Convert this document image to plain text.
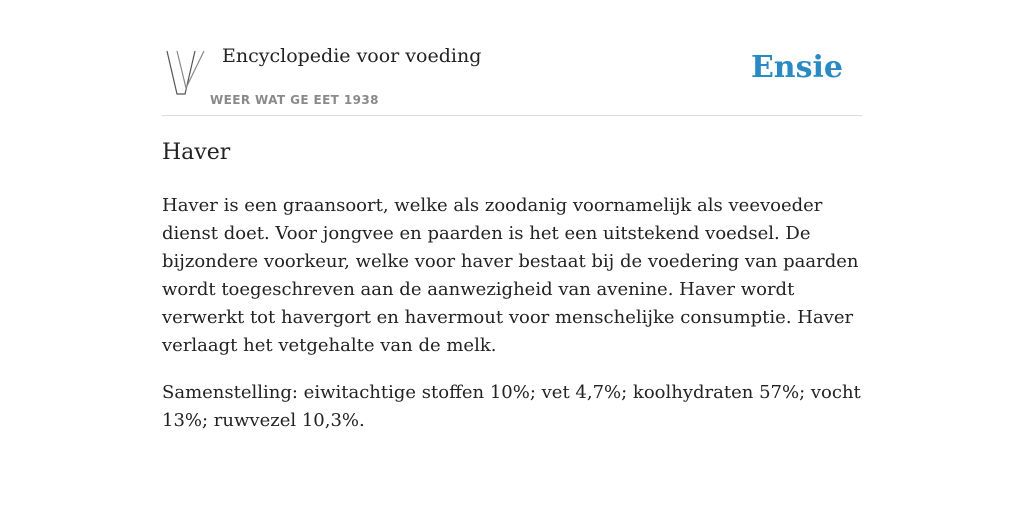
Encyclopedie voor voeding
WEER WAT GE EET 1938
Ensie
Haver

Haver is een graansoort, welke als zoodanig voornamelijk als veevoeder dienst doet. Voor jongvee en paarden is het een uitstekend voedsel. De bijzondere voorkeur, welke voor haver bestaat bij de voedering van paarden wordt toegeschreven aan de aanwezigheid van avenine. Haver wordt verwerkt tot havergort en havermout voor menschelijke consumptie. Haver verlaagt het vetgehalte van de melk.

Samenstelling: eiwitachtige stoffen 10%; vet 4,7%; koolhydraten 57%; vocht 13%; ruwvezel 10,3%.
